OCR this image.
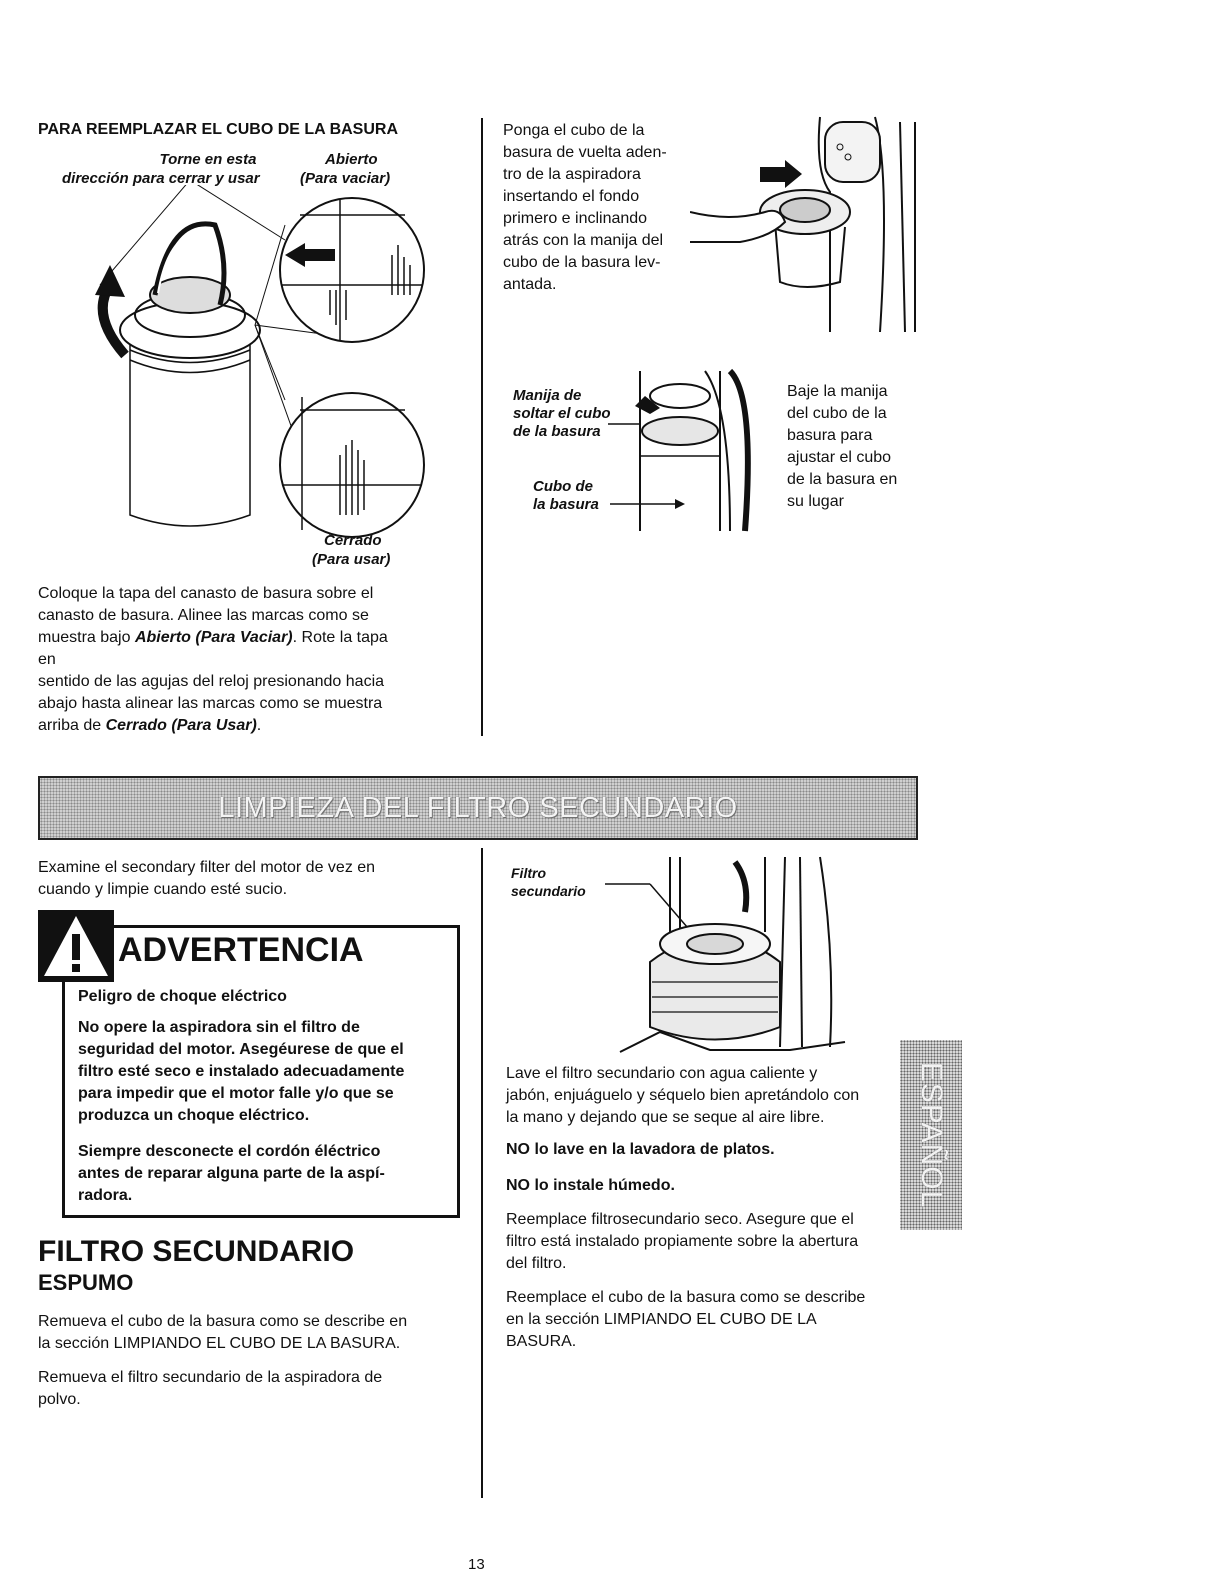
PARA REEMPLAZAR EL CUBO DE LA BASURA
Torne en esta
dirección para cerrar y usar
Abierto
(Para vaciar)
Cerrado
(Para usar)
Coloque la tapa del canasto de basura sobre el
canasto de basura. Alinee las marcas como se
muestra bajo Abierto (Para Vaciar). Rote la tapa
en
sentido de las agujas del reloj presionando hacia
abajo hasta alinear las marcas como se muestra
arriba de Cerrado (Para Usar).
Ponga el cubo de la
basura de vuelta aden-
tro de la aspiradora
insertando el fondo
primero e inclinando
atrás con la manija del
cubo de la basura lev-
antada.
Manija de
soltar el cubo
de la basura
Cubo de
la basura
Baje la manija
del cubo de la
basura para
ajustar el cubo
de la basura en
su lugar
LIMPIEZA DEL FILTRO SECUNDARIO
Examine el secondary filter del motor de vez en
cuando y limpie cuando esté sucio.
ADVERTENCIA
Peligro de choque eléctrico
No opere la aspiradora sin el filtro de
seguridad del motor. Asegéurese de que el
filtro esté seco e instalado adecuadamente
para impedir que el motor falle y/o que se
produzca un choque eléctrico.
Siempre desconecte el cordón éléctrico
antes de reparar alguna parte de la aspí-
radora.
FILTRO SECUNDARIO
ESPUMO
Remueva el cubo de la basura como se describe en
la sección LIMPIANDO EL CUBO DE LA BASURA.
Remueva el filtro secundario de la aspiradora de
polvo.
Filtro
secundario
Lave el filtro secundario con agua caliente y
jabón, enjuáguelo y séquelo bien apretándolo con
la mano y dejando que se seque al aire libre.
NO lo lave en la lavadora de platos.
NO lo instale húmedo.
Reemplace filtrosecundario seco. Asegure que el
filtro está instalado propiamente sobre la abertura
del filtro.
Reemplace el cubo de la basura como se describe
en la sección LIMPIANDO EL CUBO DE LA
BASURA.
ESPAÑOL
13
